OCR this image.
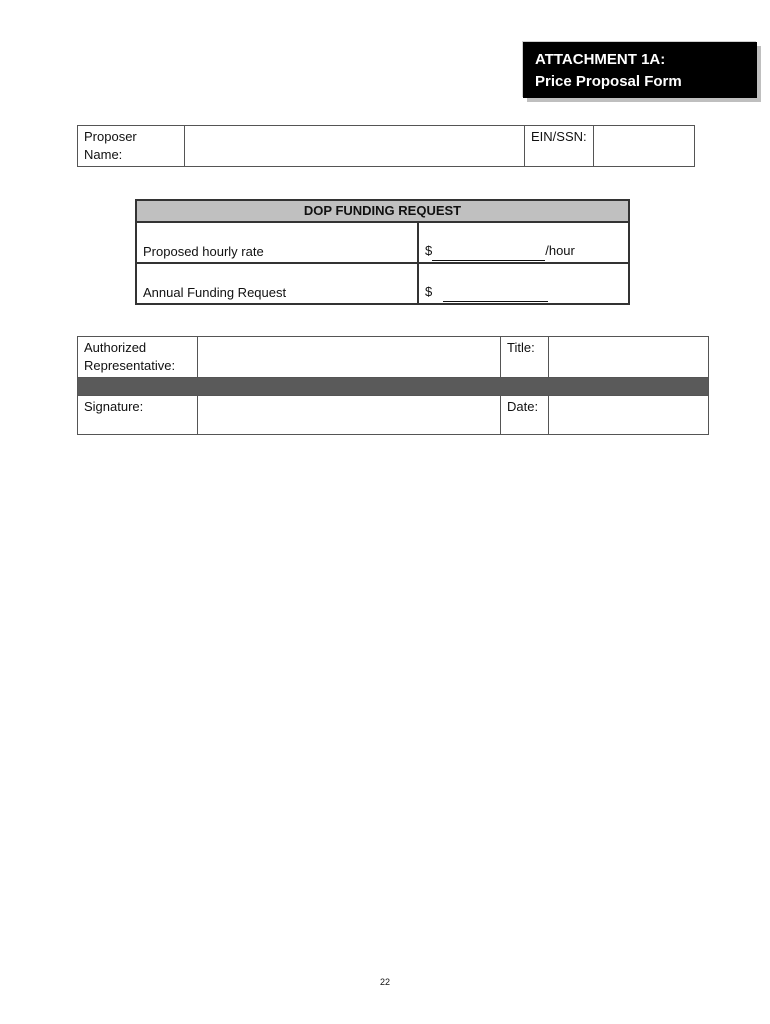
ATTACHMENT 1A:
Price Proposal Form
Proposer
Name:
		EIN/SSN:	
DOP FUNDING REQUEST	
Proposed hourly rate	$ /hour
Annual Funding Request	$
Authorized
Representative:		Title:	

Signature:		Date:	
22
